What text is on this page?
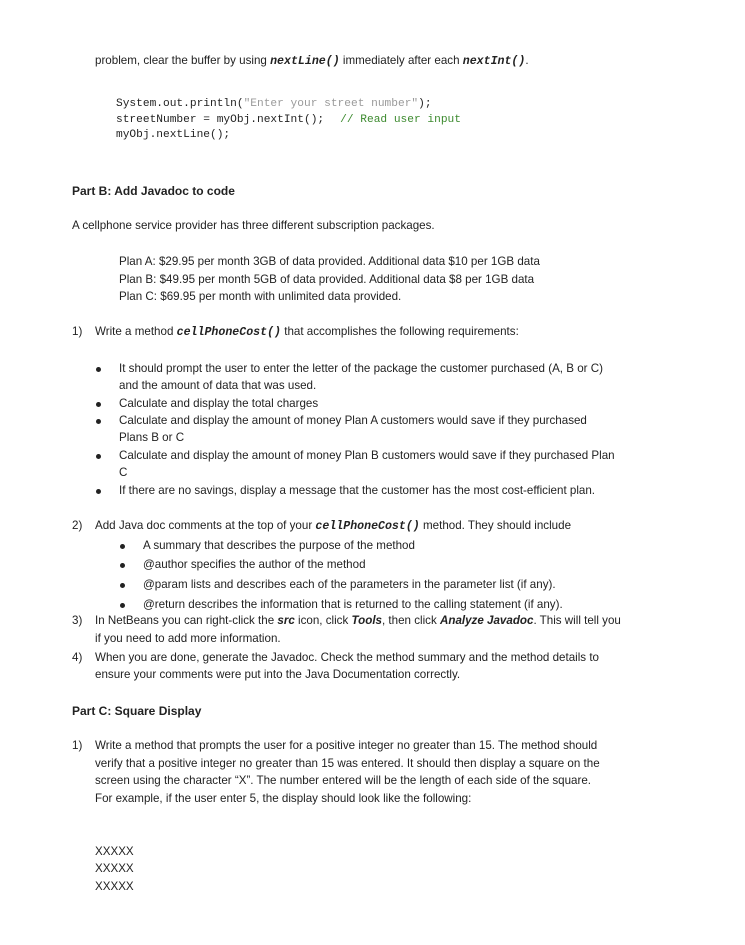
problem, clear the buffer by using nextLine() immediately after each nextInt().
System.out.println("Enter your street number");
streetNumber = myObj.nextInt(); // Read user input
myObj.nextLine();
Part B: Add Javadoc to code
A cellphone service provider has three different subscription packages.
Plan A: $29.95 per month 3GB of data provided. Additional data $10 per 1GB data
Plan B: $49.95 per month 5GB of data provided. Additional data $8 per 1GB data
Plan C: $69.95 per month with unlimited data provided.
1) Write a method cellPhoneCost() that accomplishes the following requirements:
It should prompt the user to enter the letter of the package the customer purchased (A, B or C)
and the amount of data that was used.
Calculate and display the total charges
Calculate and display the amount of money Plan A customers would save if they purchased
Plans B or C
Calculate and display the amount of money Plan B customers would save if they purchased Plan
C
If there are no savings, display a message that the customer has the most cost-efficient plan.
2) Add Java doc comments at the top of your cellPhoneCost() method. They should include
A summary that describes the purpose of the method
@author specifies the author of the method
@param lists and describes each of the parameters in the parameter list (if any).
@return describes the information that is returned to the calling statement (if any).
3) In NetBeans you can right-click the src icon, click Tools, then click Analyze Javadoc. This will tell you
if you need to add more information.
4) When you are done, generate the Javadoc. Check the method summary and the method details to
ensure your comments were put into the Java Documentation correctly.
Part C: Square Display
1) Write a method that prompts the user for a positive integer no greater than 15. The method should
verify that a positive integer no greater than 15 was entered. It should then display a square on the
screen using the character “X”. The number entered will be the length of each side of the square.
For example, if the user enter 5, the display should look like the following:
XXXXX
XXXXX
XXXXX
